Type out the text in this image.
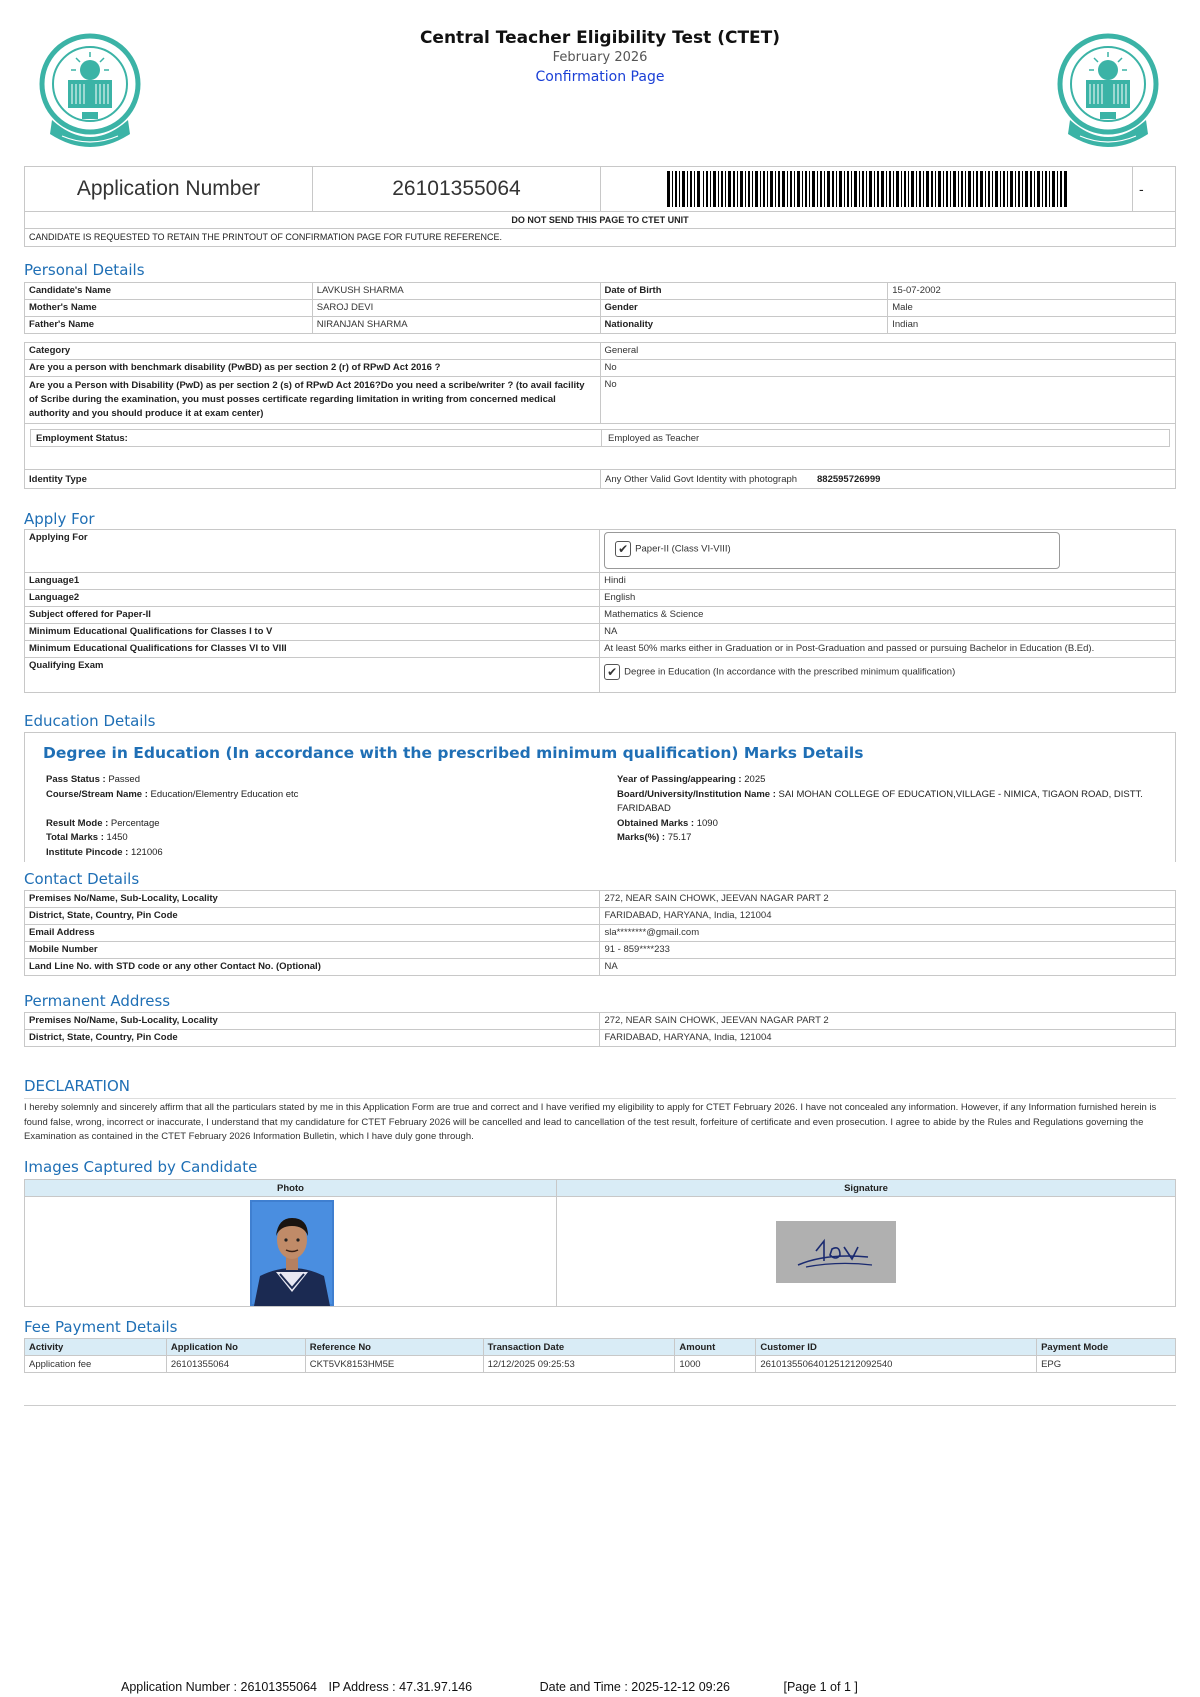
Central Teacher Eligibility Test (CTET)
February 2026
Confirmation Page
Application Number	26101355064	-
DO NOT SEND THIS PAGE TO CTET UNIT
CANDIDATE IS REQUESTED TO RETAIN THE PRINTOUT OF CONFIRMATION PAGE FOR FUTURE REFERENCE.
Personal Details
Candidate's Name	LAVKUSH SHARMA	Date of Birth	15-07-2002
Mother's Name	SAROJ DEVI	Gender	Male
Father's Name	NIRANJAN SHARMA	Nationality	Indian
Category	General
Are you a person with benchmark disability (PwBD) as per section 2 (r) of RPwD Act 2016 ?	No
Are you a Person with Disability (PwD) as per section 2 (s) of RPwD Act 2016?Do you need a scribe/writer ? (to avail facility of Scribe during the examination, you must posses certificate regarding limitation in writing from concerned medical authority and you should produce it at exam center)	No
Employment Status:	Employed as Teacher
Identity Type	Any Other Valid Govt Identity with photograph 882595726999
Apply For
Applying For	✔ Paper-II (Class VI-VIII)

Language1	Hindi
Language2	English
Subject offered for Paper-II	Mathematics & Science
Minimum Educational Qualifications for Classes I to V	NA
Minimum Educational Qualifications for Classes VI to VIII	At least 50% marks either in Graduation or in Post-Graduation and passed or pursuing Bachelor in Education (B.Ed).
Qualifying Exam	✔ Degree in Education (In accordance with the prescribed minimum qualification)
Education Details
Degree in Education (In accordance with the prescribed minimum qualification) Marks Details
Pass Status : Passed
Course/Stream Name : Education/Elementry Education etc
Result Mode : Percentage
Total Marks : 1450
Institute Pincode : 121006
Year of Passing/appearing : 2025
Board/University/Institution Name : SAI MOHAN COLLEGE OF EDUCATION,VILLAGE - NIMICA, TIGAON ROAD, DISTT. FARIDABAD
Obtained Marks : 1090
Marks(%) : 75.17
Contact Details
Premises No/Name, Sub-Locality, Locality	272, NEAR SAIN CHOWK, JEEVAN NAGAR PART 2
District, State, Country, Pin Code	FARIDABAD, HARYANA, India, 121004
Email Address	sla********@gmail.com
Mobile Number	91 - 859****233
Land Line No. with STD code or any other Contact No. (Optional)	NA
Permanent Address
Premises No/Name, Sub-Locality, Locality	272, NEAR SAIN CHOWK, JEEVAN NAGAR PART 2
District, State, Country, Pin Code	FARIDABAD, HARYANA, India, 121004
DECLARATION
I hereby solemnly and sincerely affirm that all the particulars stated by me in this Application Form are true and correct and I have verified my eligibility to apply for CTET February 2026. I have not concealed any information. However, if any Information furnished herein is found false, wrong, incorrect or inaccurate, I understand that my candidature for CTET February 2026 will be cancelled and lead to cancellation of the test result, forfeiture of certificate and even prosecution. I agree to abide by the Rules and Regulations governing the Examination as contained in the CTET February 2026 Information Bulletin, which I have duly gone through.
Images Captured by Candidate
Photo	Signature
Fee Payment Details
Activity	Application No	Reference No	Transaction Date	Amount	Customer ID	Payment Mode
Application fee	26101355064	CKT5VK8153HM5E	12/12/2025 09:25:53	1000	2610135506401251212092540	EPG
Application Number : 26101355064 IP Address : 47.31.97.146	Date and Time : 2025-12-12 09:26	[Page 1 of 1 ]
